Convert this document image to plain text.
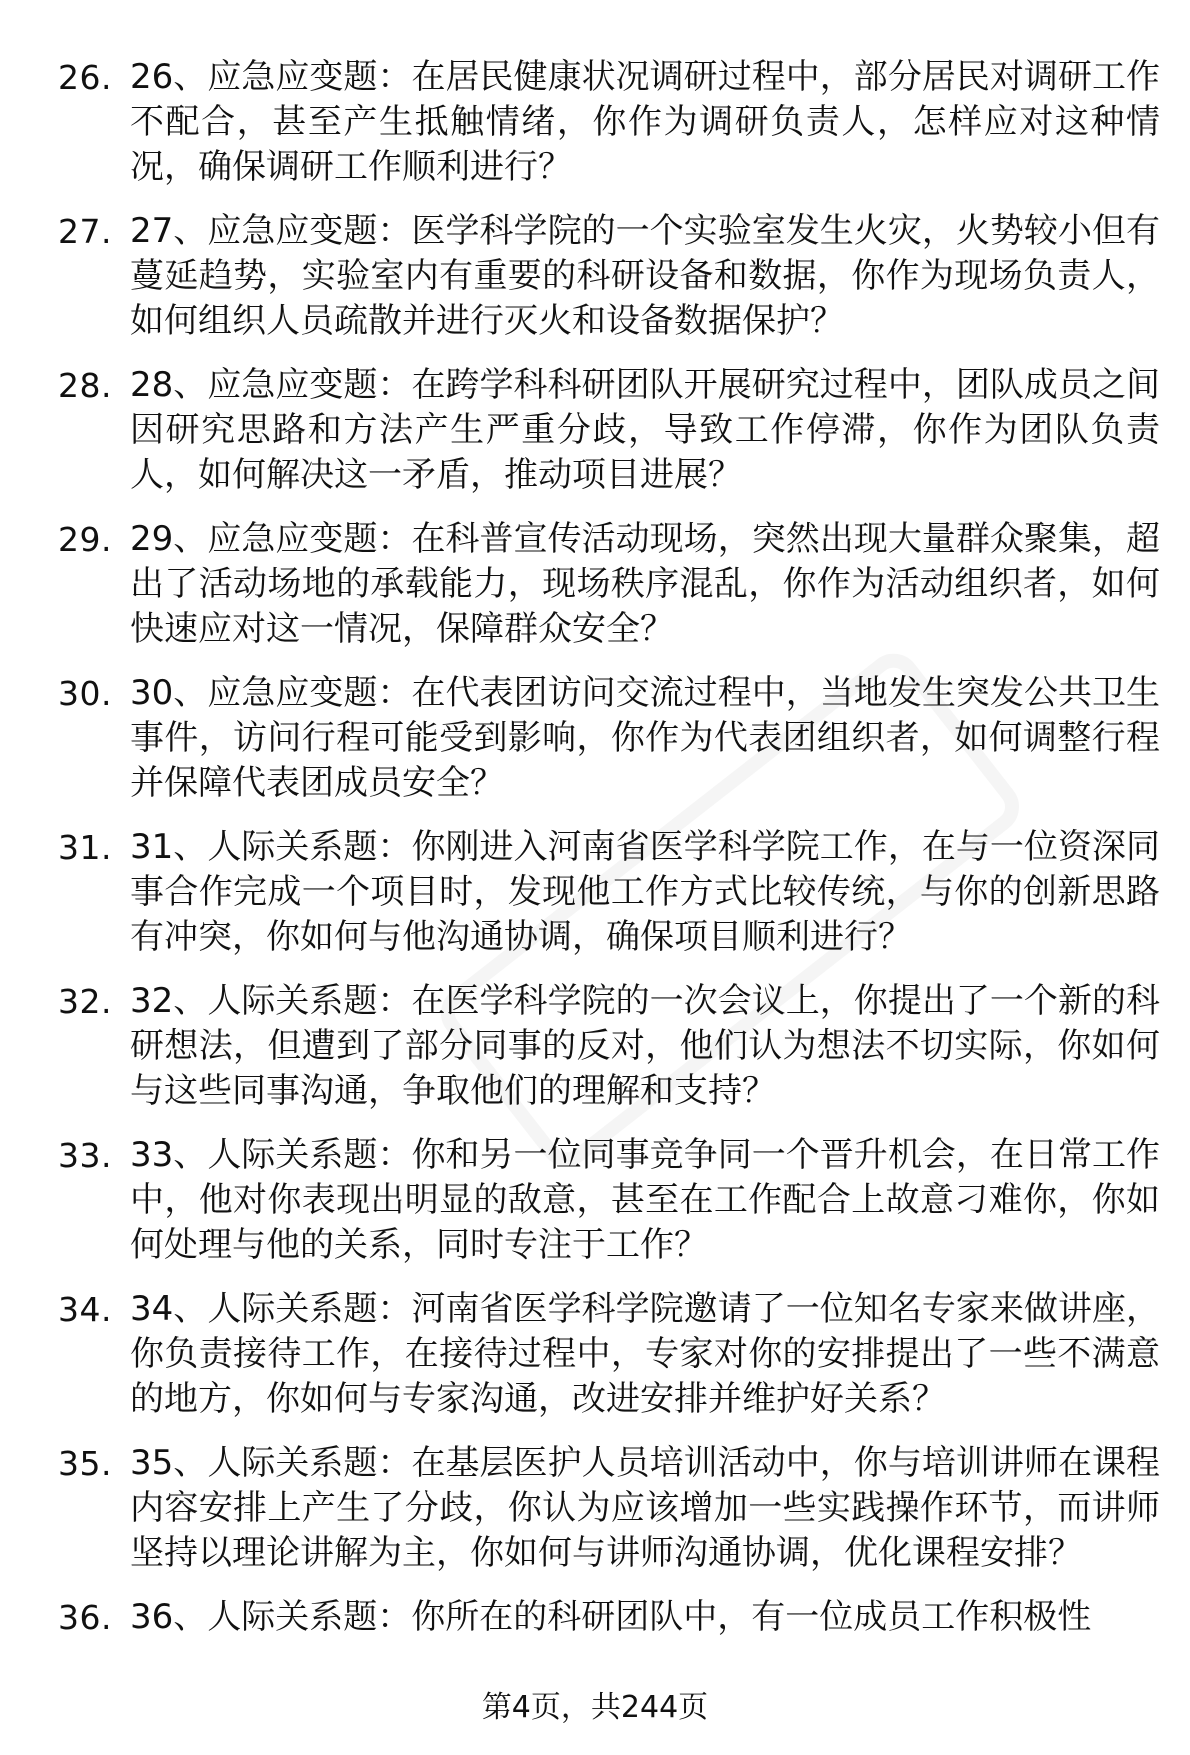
26. 26、应急应变题：在居民健康状况调研过程中，部分居民对调研工作不配合，甚至产生抵触情绪，你作为调研负责人，怎样应对这种情况，确保调研工作顺利进行？
27. 27、应急应变题：医学科学院的一个实验室发生火灾，火势较小但有蔓延趋势，实验室内有重要的科研设备和数据，你作为现场负责人，如何组织人员疏散并进行灭火和设备数据保护？
28. 28、应急应变题：在跨学科科研团队开展研究过程中，团队成员之间因研究思路和方法产生严重分歧，导致工作停滞，你作为团队负责人，如何解决这一矛盾，推动项目进展？
29. 29、应急应变题：在科普宣传活动现场，突然出现大量群众聚集，超出了活动场地的承载能力，现场秩序混乱，你作为活动组织者，如何快速应对这一情况，保障群众安全？
30. 30、应急应变题：在代表团访问交流过程中，当地发生突发公共卫生事件，访问行程可能受到影响，你作为代表团组织者，如何调整行程并保障代表团成员安全？
31. 31、人际关系题：你刚进入河南省医学科学院工作，在与一位资深同事合作完成一个项目时，发现他工作方式比较传统，与你的创新思路有冲突，你如何与他沟通协调，确保项目顺利进行？
32. 32、人际关系题：在医学科学院的一次会议上，你提出了一个新的科研想法，但遭到了部分同事的反对，他们认为想法不切实际，你如何与这些同事沟通，争取他们的理解和支持？
33. 33、人际关系题：你和另一位同事竞争同一个晋升机会，在日常工作中，他对你表现出明显的敌意，甚至在工作配合上故意刁难你，你如何处理与他的关系，同时专注于工作？
34. 34、人际关系题：河南省医学科学院邀请了一位知名专家来做讲座，你负责接待工作，在接待过程中，专家对你的安排提出了一些不满意的地方，你如何与专家沟通，改进安排并维护好关系？
35. 35、人际关系题：在基层医护人员培训活动中，你与培训讲师在课程内容安排上产生了分歧，你认为应该增加一些实践操作环节，而讲师坚持以理论讲解为主，你如何与讲师沟通协调，优化课程安排？
36. 36、人际关系题：你所在的科研团队中，有一位成员工作积极性
第4页，共244页
